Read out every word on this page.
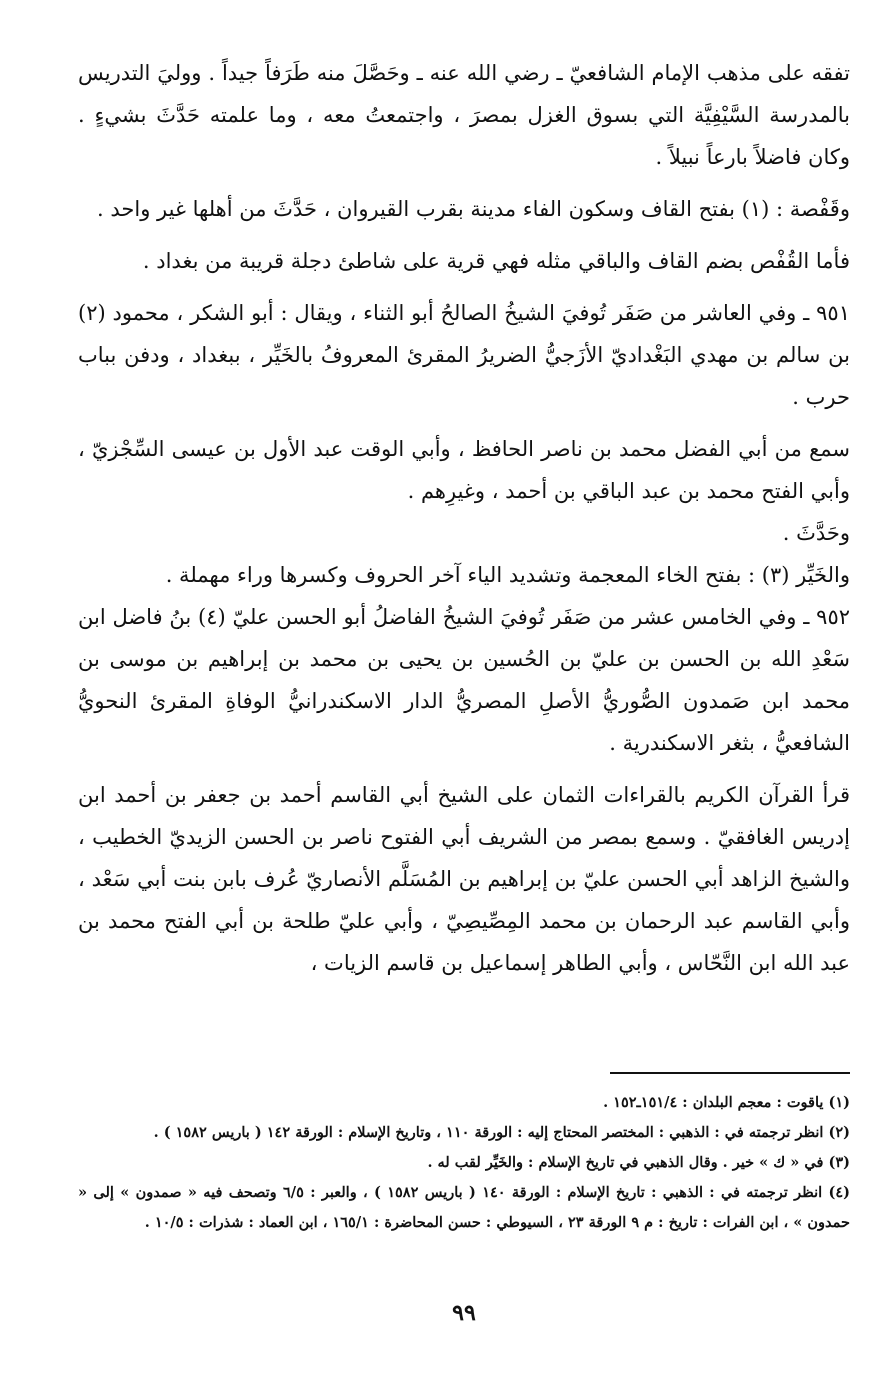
تفقه على مذهب الإمام الشافعيّ ـ رضي الله عنه ـ وحَصَّلَ منه طَرَفاً جيداً . ووليَ التدريس بالمدرسة السَّيْفِيَّة التي بسوق الغزل بمصرَ ، واجتمعتُ معه ، وما علمته حَدَّثَ بشيءٍ . وكان فاضلاً بارعاً نبيلاً .

وقَفْصة : (١) بفتح القاف وسكون الفاء مدينة بقرب القيروان ، حَدَّثَ من أهلها غير واحد .

فأما القُفْص بضم القاف والباقي مثله فهي قرية على شاطئ دجلة قريبة من بغداد .

٩٥١ ـ وفي العاشر من صَفَر تُوفيَ الشيخُ الصالحُ أبو الثناء ، ويقال : أبو الشكر ، محمود (٢) بن سالم بن مهدي البَغْداديّ الأزَجيُّ الضريرُ المقرئ المعروفُ بالخَيِّر ، ببغداد ، ودفن بباب حرب .

سمع من أبي الفضل محمد بن ناصر الحافظ ، وأبي الوقت عبد الأول بن عيسى السِّجْزيّ ، وأبي الفتح محمد بن عبد الباقي بن أحمد ، وغيرِهم .

وحَدَّثَ .

والخَيِّر (٣) : بفتح الخاء المعجمة وتشديد الياء آخر الحروف وكسرها وراء مهملة .

٩٥٢ ـ وفي الخامس عشر من صَفَر تُوفيَ الشيخُ الفاضلُ أبو الحسن عليّ (٤) بنُ فاضل ابن سَعْدِ الله بن الحسن بن عليّ بن الحُسين بن يحيى بن محمد بن إبراهيم بن موسى بن محمد ابن صَمدون الصُّوريُّ الأصلِ المصريُّ الدار الاسكندرانيُّ الوفاةِ المقرئ النحويُّ الشافعيُّ ، بثغر الاسكندرية .

قرأ القرآن الكريم بالقراءات الثمان على الشيخ أبي القاسم أحمد بن جعفر بن أحمد ابن إدريس الغافقيّ . وسمع بمصر من الشريف أبي الفتوح ناصر بن الحسن الزيديّ الخطيب ، والشيخ الزاهد أبي الحسن عليّ بن إبراهيم بن المُسَلَّم الأنصاريّ عُرف بابن بنت أبي سَعْد ، وأبي القاسم عبد الرحمان بن محمد المِصِّيصِيّ ، وأبي عليّ طلحة بن أبي الفتح محمد بن عبد الله ابن النَّحّاس ، وأبي الطاهر إسماعيل بن قاسم الزيات ،

(١) ياقوت : معجم البلدان : ١٥١/٤ـ١٥٢ .

(٢) انظر ترجمته في : الذهبي : المختصر المحتاج إليه : الورقة ١١٠ ، وتاريخ الإسلام : الورقة ١٤٢ ( باريس ١٥٨٢ ) .

(٣) في « ك » خير . وقال الذهبي في تاريخ الإسلام : والخَيِّر لقب له .

(٤) انظر ترجمته في : الذهبي : تاريخ الإسلام : الورقة ١٤٠ ( باريس ١٥٨٢ ) ، والعبر : ٦/٥ وتصحف فيه « صمدون » إلى « حمدون » ، ابن الفرات : تاريخ : م ٩ الورقة ٢٣ ، السيوطي : حسن المحاضرة : ١٦٥/١ ، ابن العماد : شذرات : ١٠/٥ .

٩٩
